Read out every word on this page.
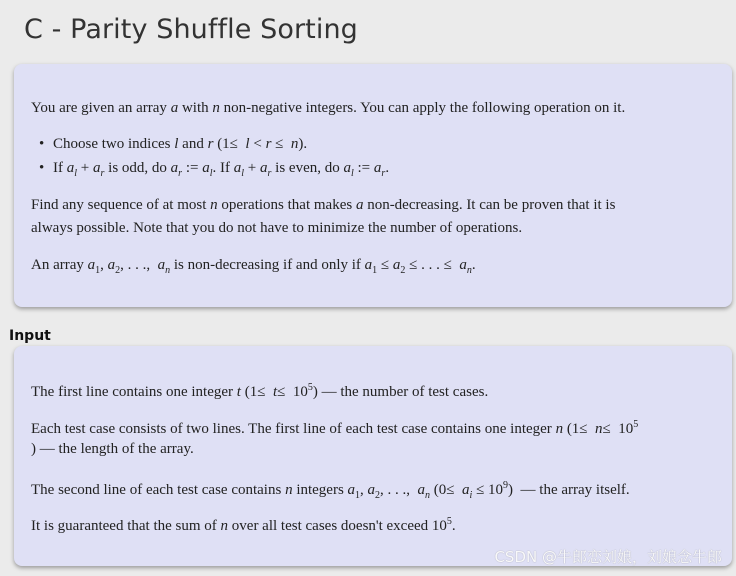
C - Parity Shuffle Sorting
You are given an array a with n non-negative integers. You can apply the following operation on it.
• Choose two indices l and r (1≤  l < r ≤  n).
• If $a_l + a_r$ is odd, do $a_r$ := $a_l$. If $a_l + a_r$ is even, do $a_l$ := $a_r$.
Find any sequence of at most n operations that makes a non-decreasing. It can be proven that it is
always possible. Note that you do not have to minimize the number of operations.
An array $a_1$, $a_2$, . . .,  $a_n$ is non-decreasing if and only if $a_1 \le a_2$ ≤ . . . ≤  $a_n$.
Input
The first line contains one integer t $(1\le t\le 10^5)$ — the number of test cases.
Each test case consists of two lines. The first line of each test case contains one integer n ($1\le n\le 10^5$
) — the length of the array.
The second line of each test case contains n integers $a_1$, $a_2$, . . .,  $a_n$ $(0\le a_i \le 10^9)$  — the array itself.
It is guaranteed that the sum of n over all test cases doesn't exceed $10^5$.
CSDN @牛郎恋刘娘，刘娘念牛郎
